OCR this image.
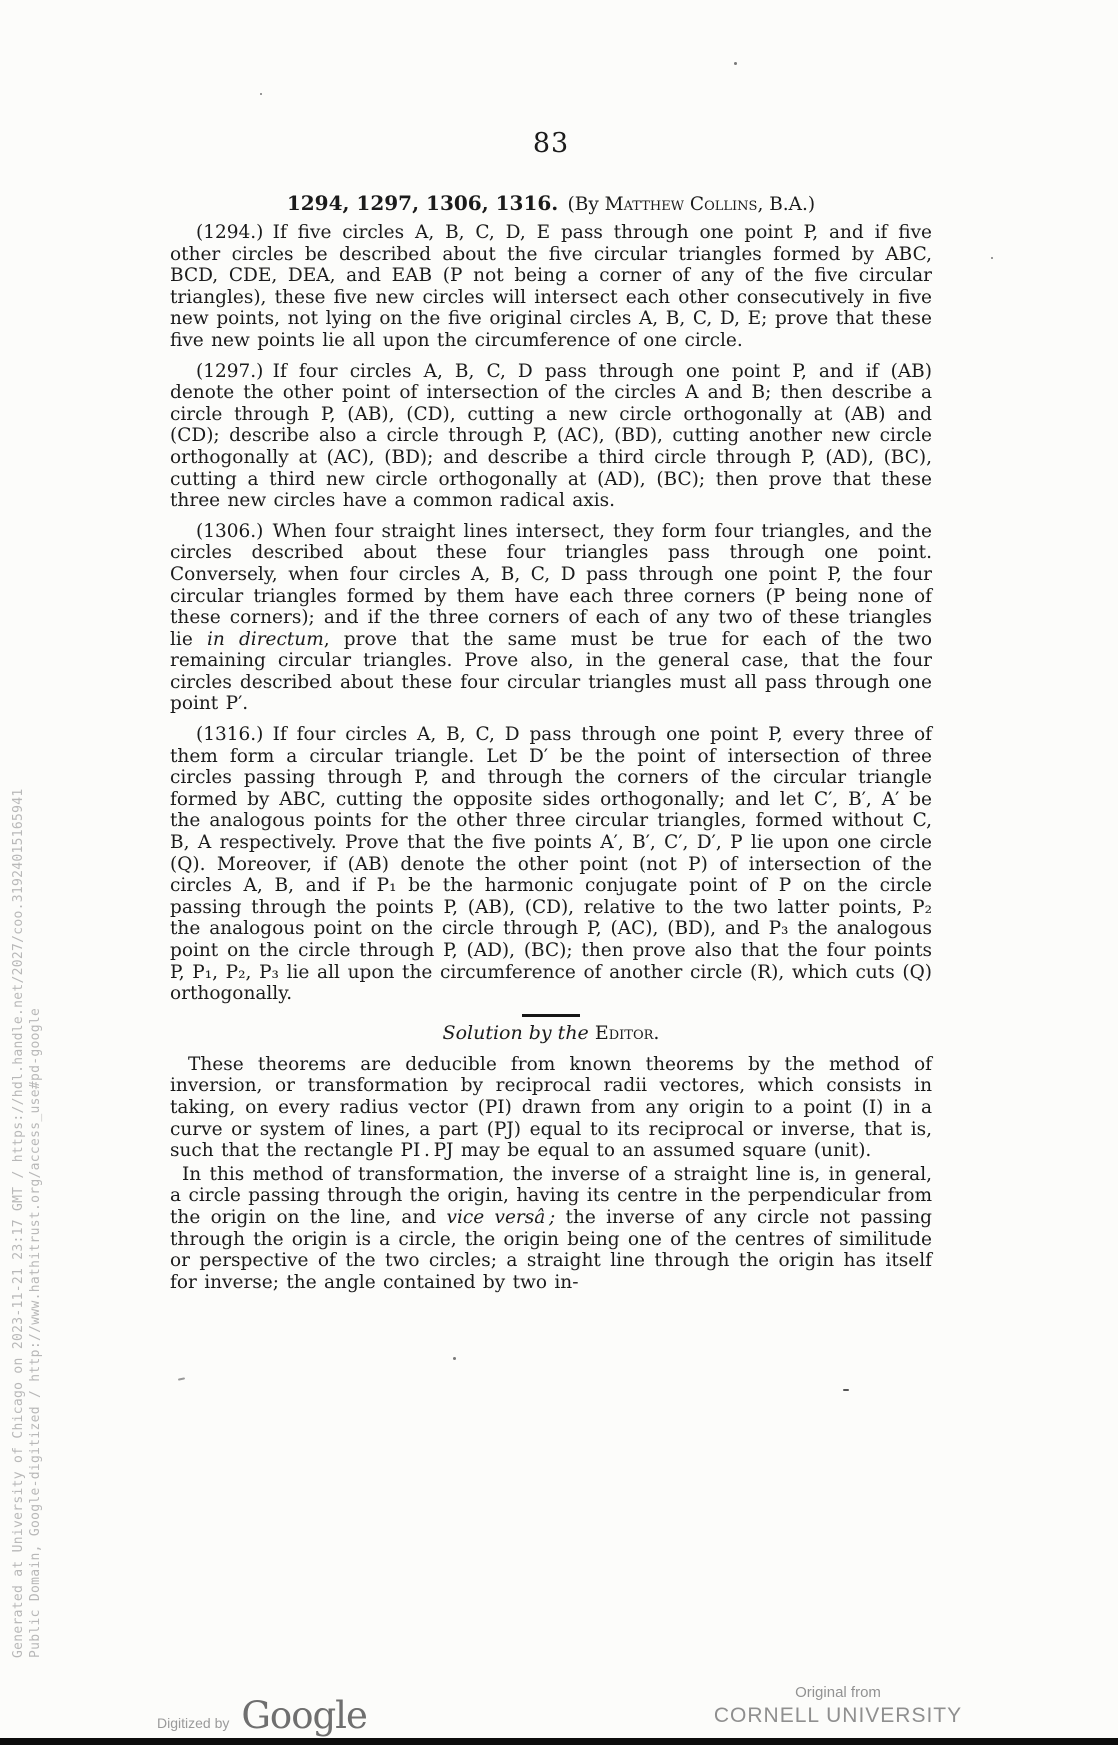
Generated at University of Chicago on 2023-11-21 23:17 GMT / https://hdl.handle.net/2027/coo.31924015165941 Public Domain, Google-digitized / http://www.hathitrust.org/access_use#pd-google
83
1294, 1297, 1306, 1316. (By Matthew Collins, B.A.)

(1294.) If five circles A, B, C, D, E pass through one point P, and if five other circles be described about the five circular triangles formed by ABC, BCD, CDE, DEA, and EAB (P not being a corner of any of the five circular triangles), these five new circles will intersect each other consecutively in five new points, not lying on the five original circles A, B, C, D, E; prove that these five new points lie all upon the circumference of one circle.

(1297.) If four circles A, B, C, D pass through one point P, and if (AB) denote the other point of intersection of the circles A and B; then describe a circle through P, (AB), (CD), cutting a new circle orthogonally at (AB) and (CD); describe also a circle through P, (AC), (BD), cutting another new circle orthogonally at (AC), (BD); and describe a third circle through P, (AD), (BC), cutting a third new circle orthogonally at (AD), (BC); then prove that these three new circles have a common radical axis.

(1306.) When four straight lines intersect, they form four triangles, and the circles described about these four triangles pass through one point. Conversely, when four circles A, B, C, D pass through one point P, the four circular triangles formed by them have each three corners (P being none of these corners); and if the three corners of each of any two of these triangles lie in directum, prove that the same must be true for each of the two remaining circular triangles. Prove also, in the general case, that the four circles described about these four circular triangles must all pass through one point P′.

(1316.) If four circles A, B, C, D pass through one point P, every three of them form a circular triangle. Let D′ be the point of intersection of three circles passing through P, and through the corners of the circular triangle formed by ABC, cutting the opposite sides orthogonally; and let C′, B′, A′ be the analogous points for the other three circular triangles, formed without C, B, A respectively. Prove that the five points A′, B′, C′, D′, P lie upon one circle (Q). Moreover, if (AB) denote the other point (not P) of intersection of the circles A, B, and if P₁ be the harmonic conjugate point of P on the circle passing through the points P, (AB), (CD), relative to the two latter points, P₂ the analogous point on the circle through P, (AC), (BD), and P₃ the analogous point on the circle through P, (AD), (BC); then prove also that the four points P, P₁, P₂, P₃ lie all upon the circumference of another circle (R), which cuts (Q) orthogonally.

Solution by the Editor.

These theorems are deducible from known theorems by the method of inversion, or transformation by reciprocal radii vectores, which consists in taking, on every radius vector (PI) drawn from any origin to a point (I) in a curve or system of lines, a part (PJ) equal to its reciprocal or inverse, that is, such that the rectangle PI . PJ may be equal to an assumed square (unit).

In this method of transformation, the inverse of a straight line is, in general, a circle passing through the origin, having its centre in the perpendicular from the origin on the line, and vice versâ ; the inverse of any circle not passing through the origin is a circle, the origin being one of the centres of similitude or perspective of the two circles; a straight line through the origin has itself for inverse; the angle contained by two in-

Digitized by Google
Original from
CORNELL UNIVERSITY
